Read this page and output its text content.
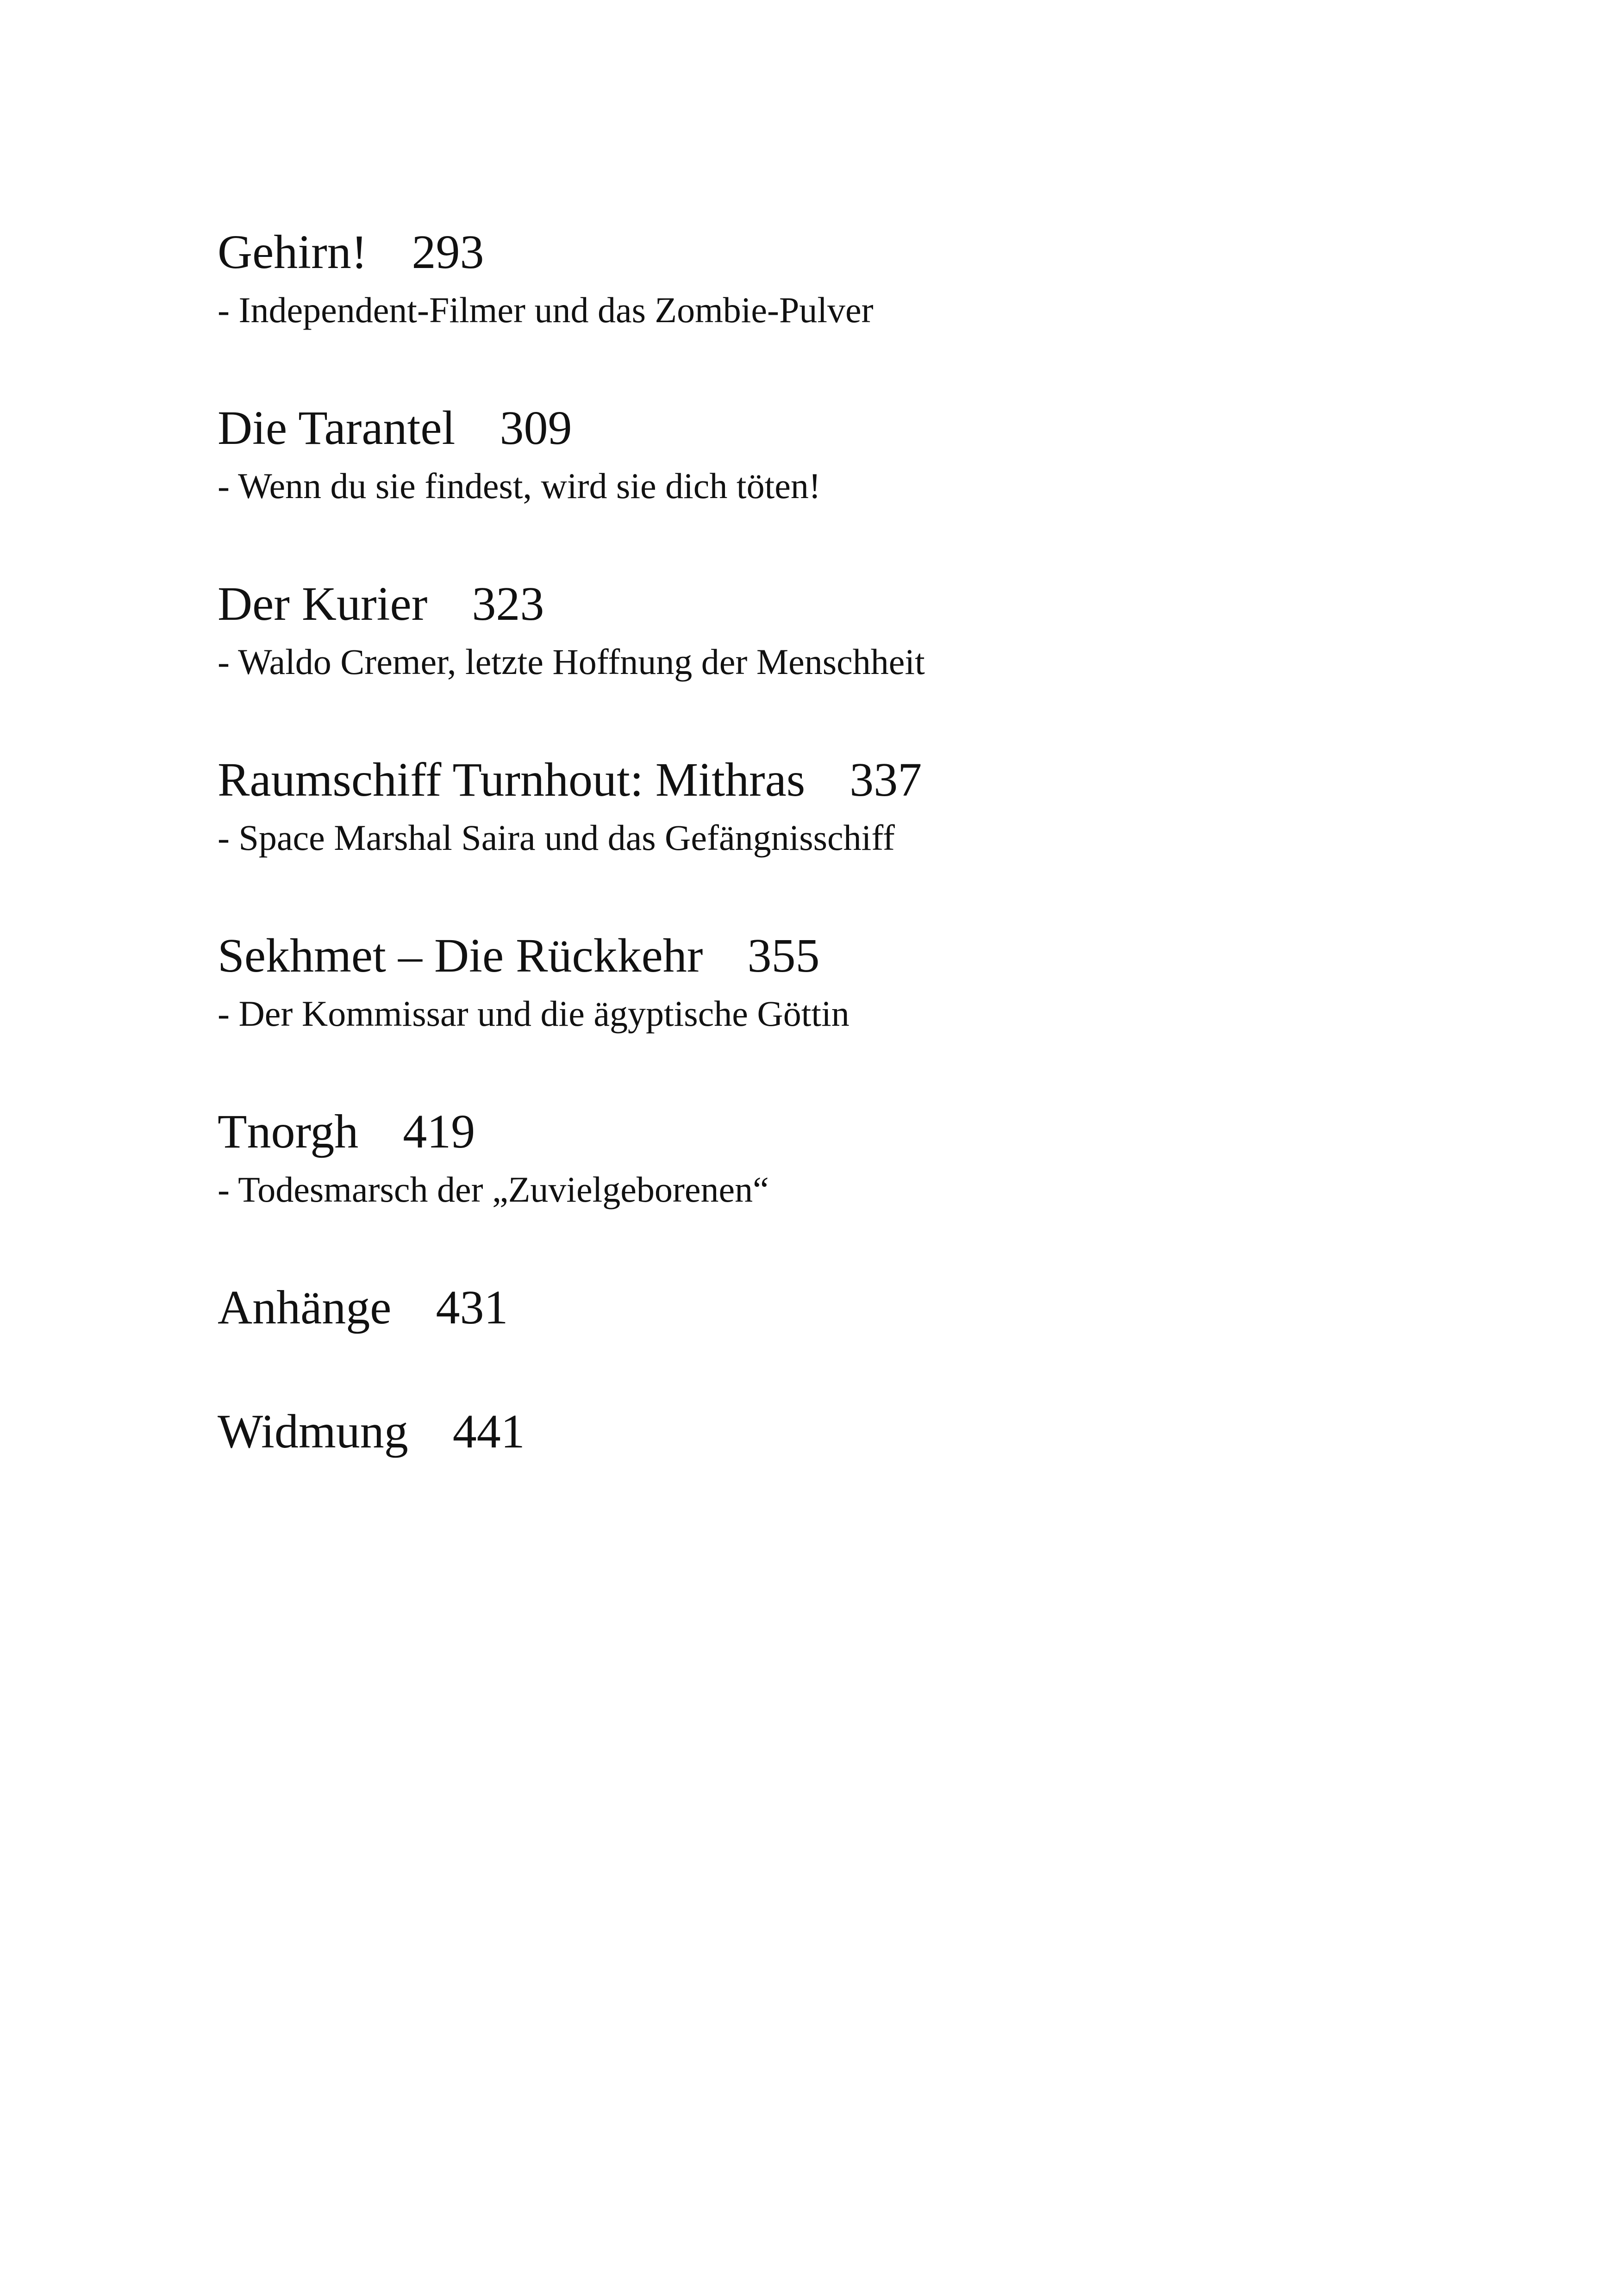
Gehirn! 293
- Independent-Filmer und das Zombie-Pulver
Die Tarantel 309
- Wenn du sie findest, wird sie dich töten!
Der Kurier 323
- Waldo Cremer, letzte Hoffnung der Menschheit
Raumschiff Turnhout: Mithras 337
- Space Marshal Saira und das Gefängnisschiff
Sekhmet – Die Rückkehr 355
- Der Kommissar und die ägyptische Göttin
Tnorgh 419
- Todesmarsch der „Zuvielgeborenen“
Anhänge 431
Widmung 441
